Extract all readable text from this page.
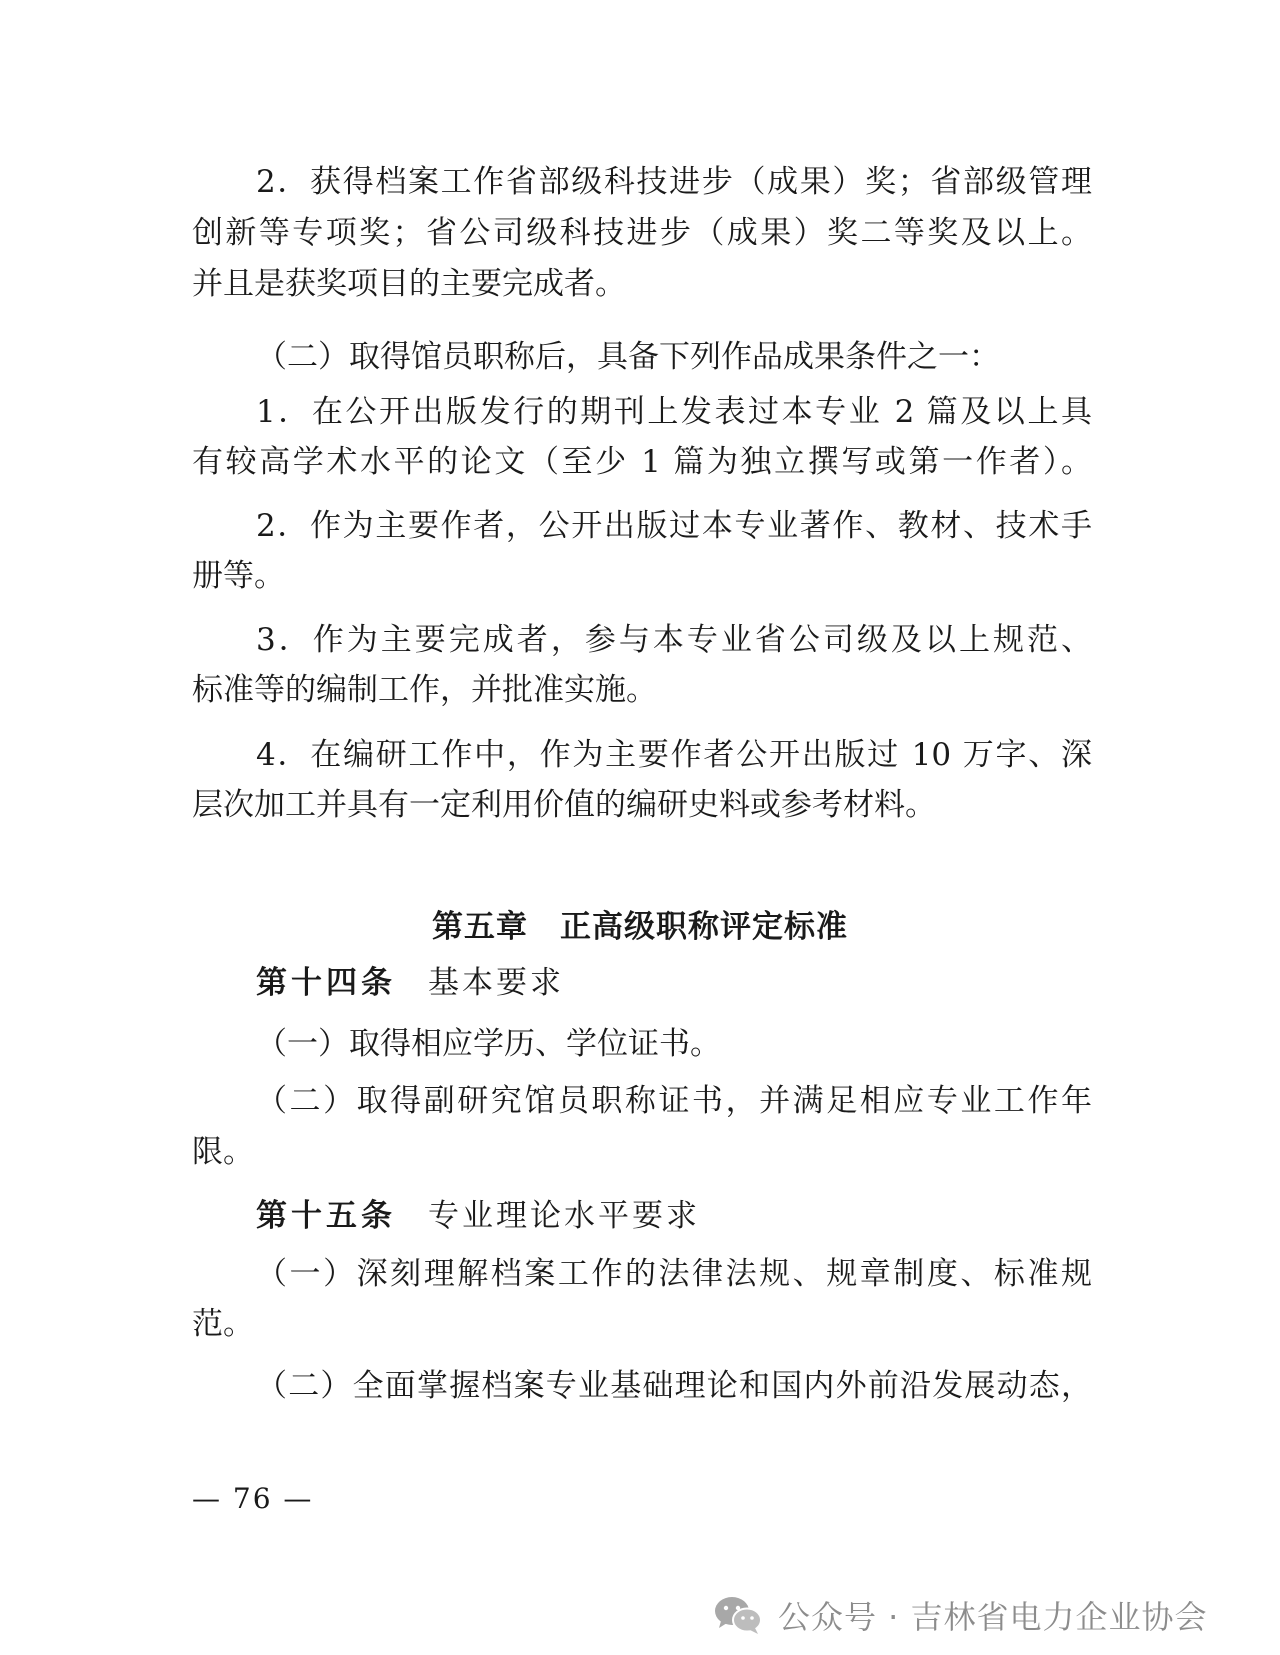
2．获得档案工作省部级科技进步（成果）奖；省部级管理
创新等专项奖；省公司级科技进步（成果）奖二等奖及以上。
并且是获奖项目的主要完成者。
（二）取得馆员职称后，具备下列作品成果条件之一：
1．在公开出版发行的期刊上发表过本专业 2 篇及以上具
有较高学术水平的论文（至少 1 篇为独立撰写或第一作者）。
2．作为主要作者，公开出版过本专业著作、教材、技术手
册等。
3．作为主要完成者，参与本专业省公司级及以上规范、
标准等的编制工作，并批准实施。
4．在编研工作中，作为主要作者公开出版过 10 万字、深
层次加工并具有一定利用价值的编研史料或参考材料。
第五章　正高级职称评定标准
第十四条 基本要求
（一）取得相应学历、学位证书。
（二）取得副研究馆员职称证书，并满足相应专业工作年
限。
第十五条 专业理论水平要求
（一）深刻理解档案工作的法律法规、规章制度、标准规
范。
（二）全面掌握档案专业基础理论和国内外前沿发展动态，
— 76 —
公众号 · 吉林省电力企业协会
